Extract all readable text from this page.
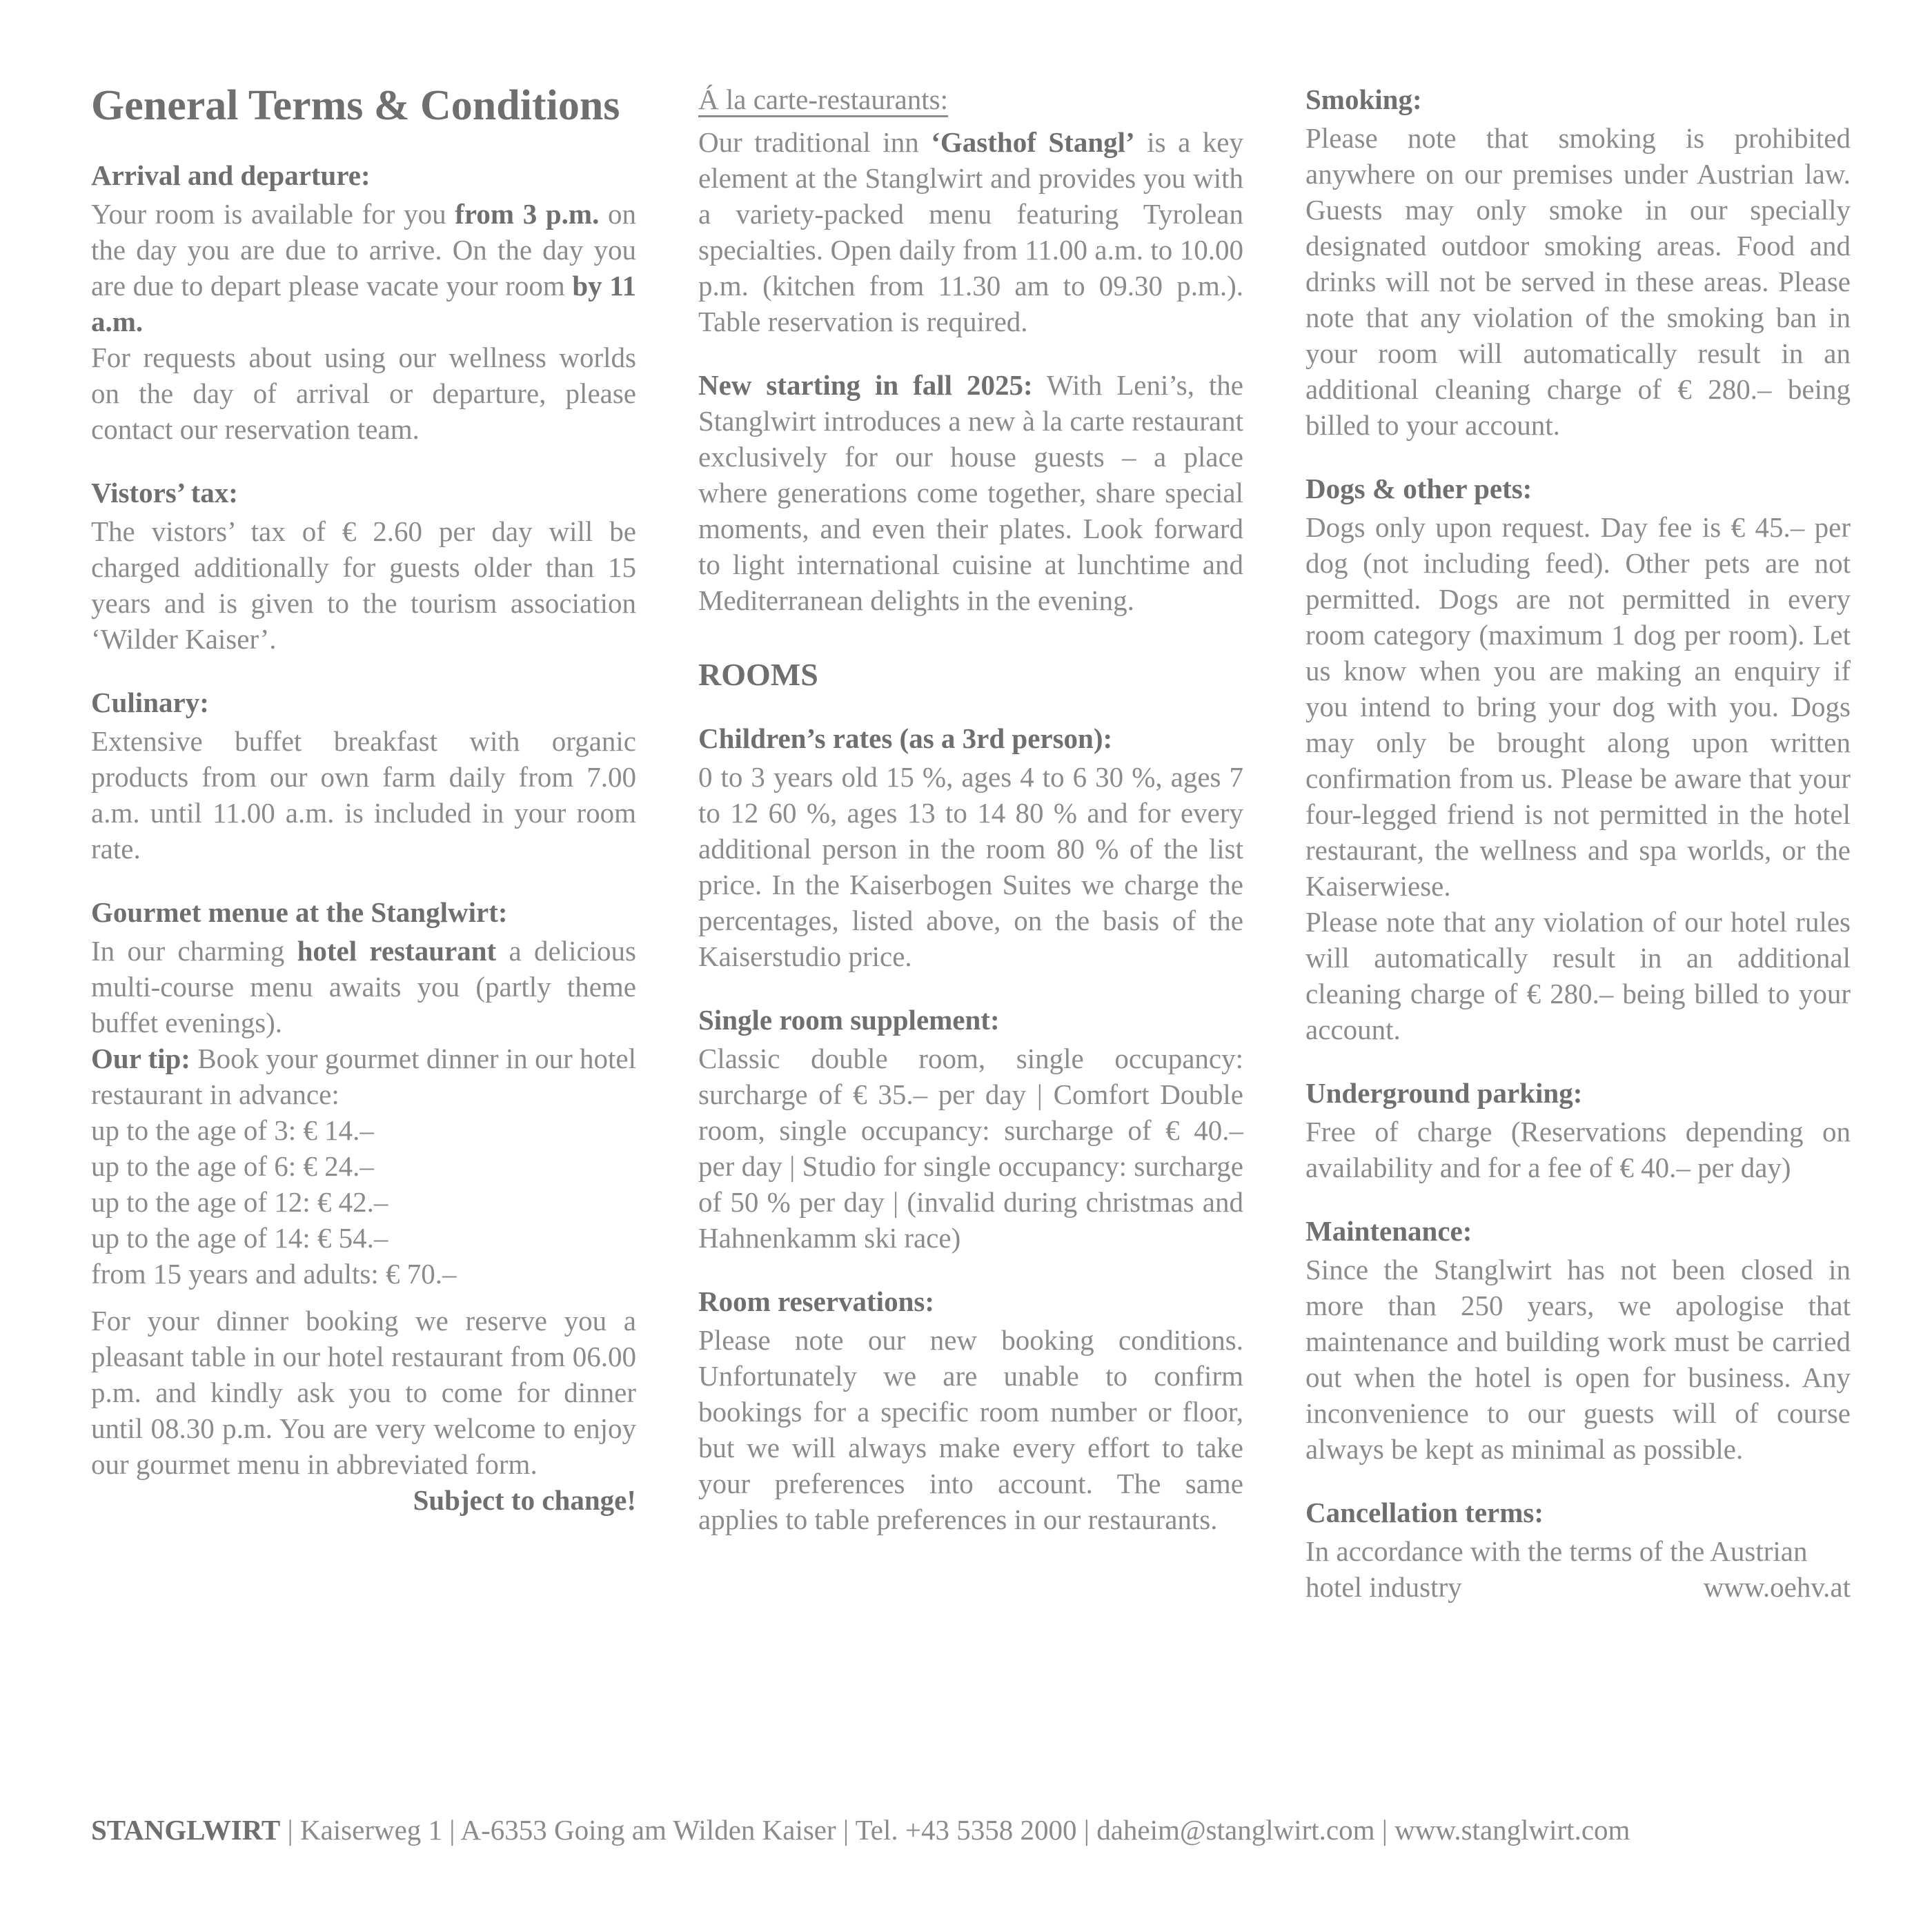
General Terms & Conditions
Arrival and departure:

Your room is available for you from 3 p.m. on the day you are due to arrive. On the day you are due to depart please vacate your room by 11 a.m.

For requests about using our wellness worlds on the day of arrival or departure, please contact our reservation team.

Vistors’ tax:

The vistors’ tax of € 2.60 per day will be charged additionally for guests older than 15 years and is given to the tourism association ‘Wilder Kaiser’.

Culinary:

Extensive buffet breakfast with organic products from our own farm daily from 7.00 a.m. until 11.00 a.m. is included in your room rate.

Gourmet menue at the Stanglwirt:

In our charming hotel restaurant a delicious multi-course menu awaits you (partly theme buffet evenings).

Our tip: Book your gourmet dinner in our hotel restaurant in advance:

up to the age of 3: € 14.–
up to the age of 6: € 24.–
up to the age of 12: € 42.–
up to the age of 14: € 54.–
from 15 years and adults: € 70.–

For your dinner booking we reserve you a pleasant table in our hotel restaurant from 06.00 p.m. and kindly ask you to come for dinner until 08.30 p.m. You are very welcome to enjoy our gourmet menu in abbreviated form.
Subject to change!

Á la carte-restaurants:

Our traditional inn ‘Gasthof Stangl’ is a key element at the Stanglwirt and provides you with a variety-packed menu featuring Tyrolean specialties. Open daily from 11.00 a.m. to 10.00 p.m. (kitchen from 11.30 am to 09.30 p.m.). Table reservation is required.

New starting in fall 2025: With Leni’s, the Stanglwirt introduces a new à la carte restaurant exclusively for our house guests – a place where generations come together, share special moments, and even their plates. Look forward to light international cuisine at lunchtime and Mediterranean delights in the evening.

ROOMS
Children’s rates (as a 3rd person):

0 to 3 years old 15 %, ages 4 to 6 30 %, ages 7 to 12 60 %, ages 13 to 14 80 % and for every additional person in the room 80 % of the list price. In the Kaiserbogen Suites we charge the percentages, listed above, on the basis of the Kaiserstudio price.

Single room supplement:

Classic double room, single occupancy: surcharge of € 35.– per day | Comfort Double room, single occupancy: surcharge of € 40.– per day | Studio for single occupancy: surcharge of 50 % per day | (invalid during christmas and Hahnenkamm ski race)

Room reservations:

Please note our new booking conditions. Unfortunately we are unable to confirm bookings for a specific room number or floor, but we will always make every effort to take your preferences into account. The same applies to table preferences in our restaurants.

Smoking:

Please note that smoking is prohibited anywhere on our premises under Austrian law. Guests may only smoke in our specially designated outdoor smoking areas. Food and drinks will not be served in these areas. Please note that any violation of the smoking ban in your room will automatically result in an additional cleaning charge of € 280.– being billed to your account.

Dogs & other pets:

Dogs only upon request. Day fee is € 45.– per dog (not including feed). Other pets are not permitted. Dogs are not permitted in every room category (maximum 1 dog per room). Let us know when you are making an enquiry if you intend to bring your dog with you. Dogs may only be brought along upon written confirmation from us. Please be aware that your four-legged friend is not permitted in the hotel restaurant, the wellness and spa worlds, or the Kaiserwiese.

Please note that any violation of our hotel rules will automatically result in an additional cleaning charge of € 280.– being billed to your account.

Underground parking:

Free of charge (Reservations depending on availability and for a fee of € 40.– per day)

Maintenance:

Since the Stanglwirt has not been closed in more than 250 years, we apologise that maintenance and building work must be carried out when the hotel is open for business. Any inconvenience to our guests will of course always be kept as minimal as possible.

Cancellation terms:

In accordance with the terms of the Austrian hotel industry	www.oehv.at

STANGLWIRT | Kaiserweg 1 | A-6353 Going am Wilden Kaiser | Tel. +43 5358 2000 | daheim@stanglwirt.com | www.stanglwirt.com
